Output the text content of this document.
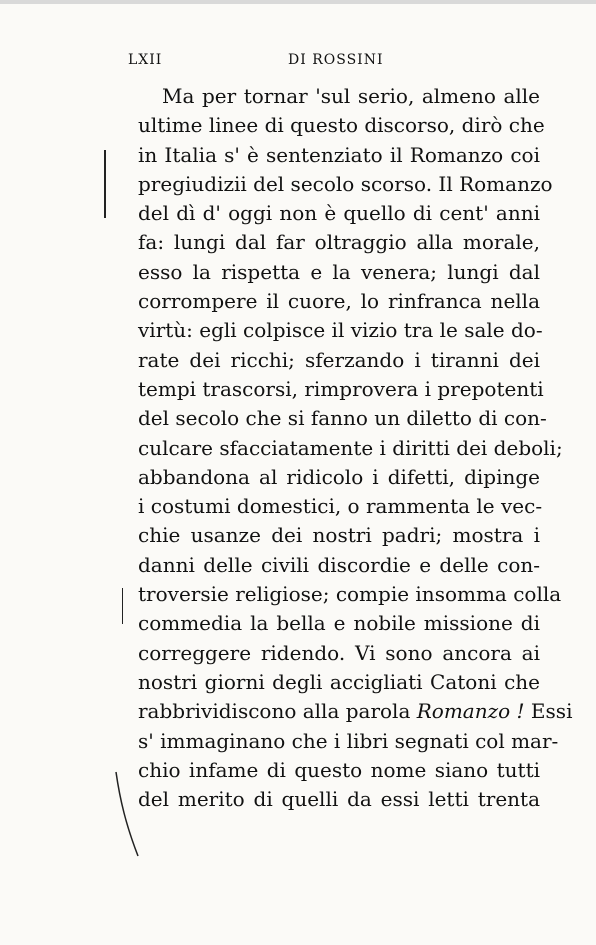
LXII	DI ROSSINI
Ma per tornar 'sul serio, almeno alle
ultime linee di questo discorso, dirò che
in Italia s' è sentenziato il Romanzo coi
pregiudizii del secolo scorso. Il Romanzo
del dì d' oggi non è quello di cent' anni
fa: lungi dal far oltraggio alla morale,
esso la rispetta e la venera; lungi dal
corrompere il cuore, lo rinfranca nella
virtù: egli colpisce il vizio tra le sale do-
rate dei ricchi; sferzando i tiranni dei
tempi trascorsi, rimprovera i prepotenti
del secolo che si fanno un diletto di con-
culcare sfacciatamente i diritti dei deboli;
abbandona al ridicolo i difetti, dipinge
i costumi domestici, o rammenta le vec-
chie usanze dei nostri padri; mostra i
danni delle civili discordie e delle con-
troversie religiose; compie insomma colla
commedia la bella e nobile missione di
correggere ridendo. Vi sono ancora ai
nostri giorni degli accigliati Catoni che
rabbrividiscono alla parola Romanzo ! Essi
s' immaginano che i libri segnati col mar-
chio infame di questo nome siano tutti
del merito di quelli da essi letti trenta
